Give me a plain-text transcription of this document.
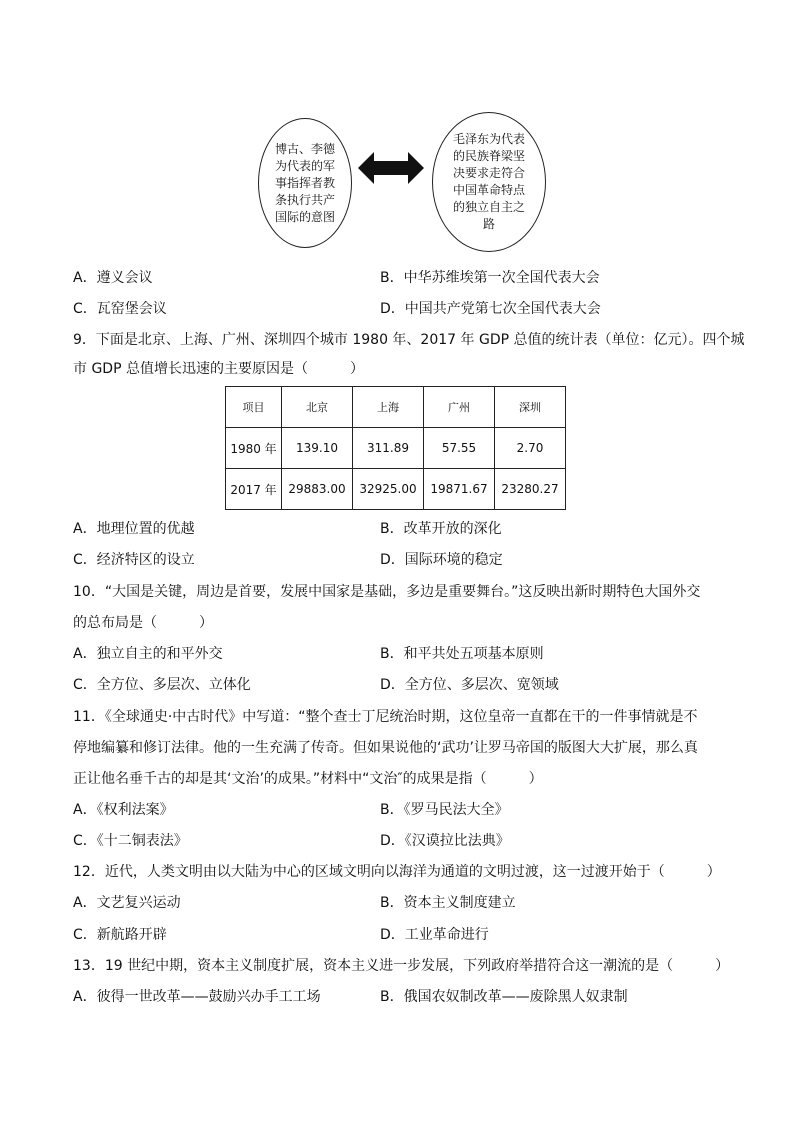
博古、李德为代表的军事指挥者教条执行共产国际的意图
毛泽东为代表的民族脊梁坚决要求走符合中国革命特点的独立自主之路
A．遵义会议	B．中华苏维埃第一次全国代表大会
C．瓦窑堡会议	D．中国共产党第七次全国代表大会
9．下面是北京、上海、广州、深圳四个城市 1980 年、2017 年 GDP 总值的统计表（单位：亿元）。四个城
市 GDP 总值增长迅速的主要原因是（　　　）
项目	北京	上海	广州	深圳
1980 年	139.10	311.89	57.55	2.70
2017 年	29883.00	32925.00	19871.67	23280.27
A．地理位置的优越	B．改革开放的深化
C．经济特区的设立	D．国际环境的稳定
10．“大国是关键，周边是首要，发展中国家是基础，多边是重要舞台。”这反映出新时期特色大国外交
的总布局是（　　　）
A．独立自主的和平外交	B．和平共处五项基本原则
C．全方位、多层次、立体化	D．全方位、多层次、宽领域
11．《全球通史·中古时代》中写道：“整个查士丁尼统治时期，这位皇帝一直都在干的一件事情就是不
停地编纂和修订法律。他的一生充满了传奇。但如果说他的‘武功’让罗马帝国的版图大大扩展，那么真
正让他名垂千古的却是其‘文治’的成果。”材料中“文治″的成果是指（　　　）
A．《权利法案》	B．《罗马民法大全》
C．《十二铜表法》	D．《汉谟拉比法典》
12．近代，人类文明由以大陆为中心的区域文明向以海洋为通道的文明过渡，这一过渡开始于（　　　）
A．文艺复兴运动	B．资本主义制度建立
C．新航路开辟	D．工业革命进行
13．19 世纪中期，资本主义制度扩展，资本主义进一步发展，下列政府举措符合这一潮流的是（　　　）
A．彼得一世改革——鼓励兴办手工工场	B．俄国农奴制改革——废除黑人奴隶制
